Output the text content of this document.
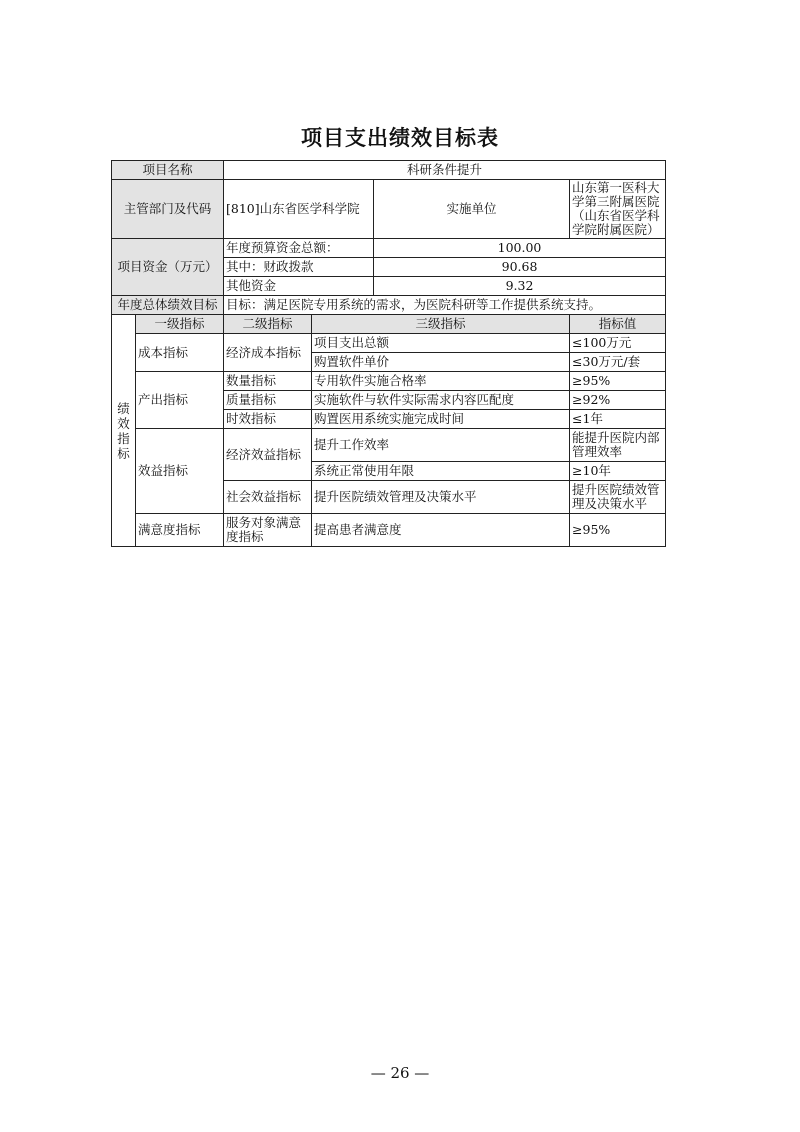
项目支出绩效目标表
项目名称		科研条件提升			
主管部门及代码		[810]山东省医学科学院		实施单位	山东第一医科大学第三附属医院（山东省医学科学院附属医院）
项目资金（万元）		年度预算资金总额：		100.00	
		其中：财政拨款		90.68	
		其他资金		9.32	
年度总体绩效目标		目标：满足医院专用系统的需求，为医院科研等工作提供系统支持。			

绩效指标	一级指标	二级指标	三级指标		指标值
	成本指标	经济成本指标	项目支出总额		≤100万元
			购置软件单价		≤30万元/套
	产出指标	数量指标	专用软件实施合格率		≥95%
		质量指标	实施软件与软件实际需求内容匹配度		≥92%
		时效指标	购置医用系统实施完成时间		≤1年
	效益指标	经济效益指标	提升工作效率		能提升医院内部管理效率
			系统正常使用年限		≥10年
		社会效益指标	提升医院绩效管理及决策水平		提升医院绩效管理及决策水平
	满意度指标	服务对象满意度指标	提高患者满意度		≥95%
— 26 —
